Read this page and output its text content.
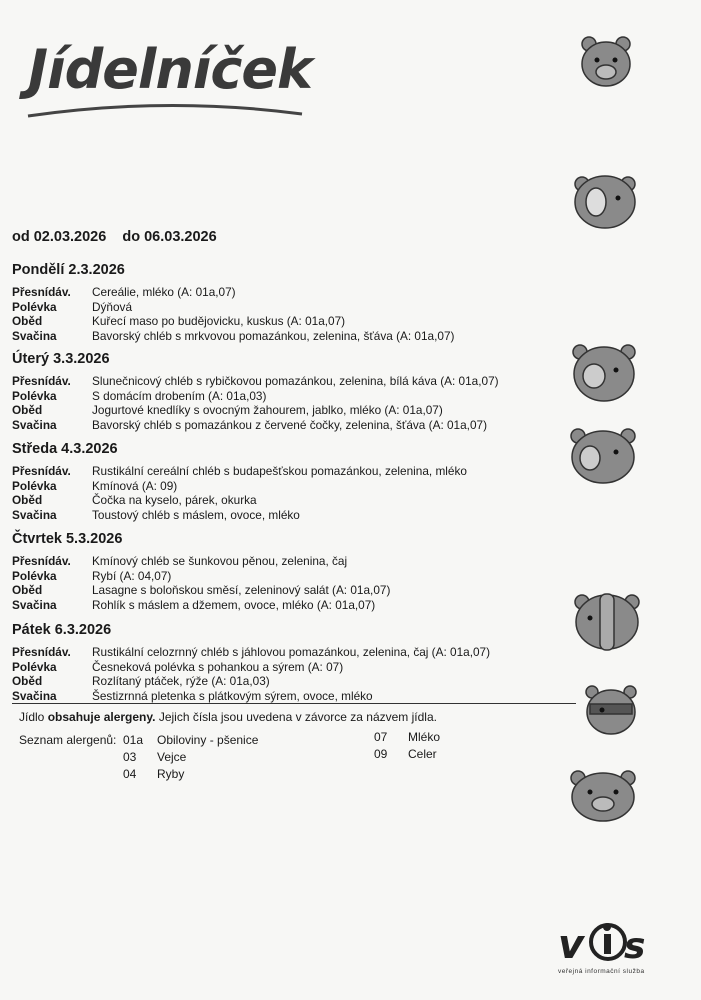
Jídelníček
od 02.03.2026 do 06.03.2026
Pondělí 2.3.2026
Přesnídáv.	Cereálie, mléko (A: 01a,07)
Polévka	Dýňová
Oběd	Kuřecí maso po budějovicku, kuskus (A: 01a,07)
Svačina	Bavorský chléb s mrkvovou pomazánkou, zelenina, šťáva (A: 01a,07)
Úterý 3.3.2026
Přesnídáv.	Slunečnicový chléb s rybičkovou pomazánkou, zelenina, bílá káva (A: 01a,07)
Polévka	S domácím drobením (A: 01a,03)
Oběd	Jogurtové knedlíky s ovocným žahourem, jablko, mléko (A: 01a,07)
Svačina	Bavorský chléb s pomazánkou z červené čočky, zelenina, šťáva (A: 01a,07)
Středa 4.3.2026
Přesnídáv.	Rustikální cereální chléb s budapešťskou pomazánkou, zelenina, mléko
Polévka	Kmínová (A: 09)
Oběd	Čočka na kyselo, párek, okurka
Svačina	Toustový chléb s máslem, ovoce, mléko
Čtvrtek 5.3.2026
Přesnídáv.	Kmínový chléb se šunkovou pěnou, zelenina, čaj
Polévka	Rybí (A: 04,07)
Oběd	Lasagne s boloňskou směsí, zeleninový salát (A: 01a,07)
Svačina	Rohlík s máslem a džemem, ovoce, mléko (A: 01a,07)
Pátek 6.3.2026
Přesnídáv.	Rustikální celozrnný chléb s jáhlovou pomazánkou, zelenina, čaj (A: 01a,07)
Polévka	Česneková polévka s pohankou a sýrem (A: 07)
Oběd	Rozlítaný ptáček, rýže (A: 01a,03)
Svačina	Šestizrnná pletenka s plátkovým sýrem, ovoce, mléko
Jídlo obsahuje alergeny. Jejich čísla jsou uvedena v závorce za názvem jídla.
Seznam alergenů: 01a	Obiloviny - pšenice
03	Vejce
04	Ryby
07	Mléko
09	Celer
v s
veřejná informační služba
